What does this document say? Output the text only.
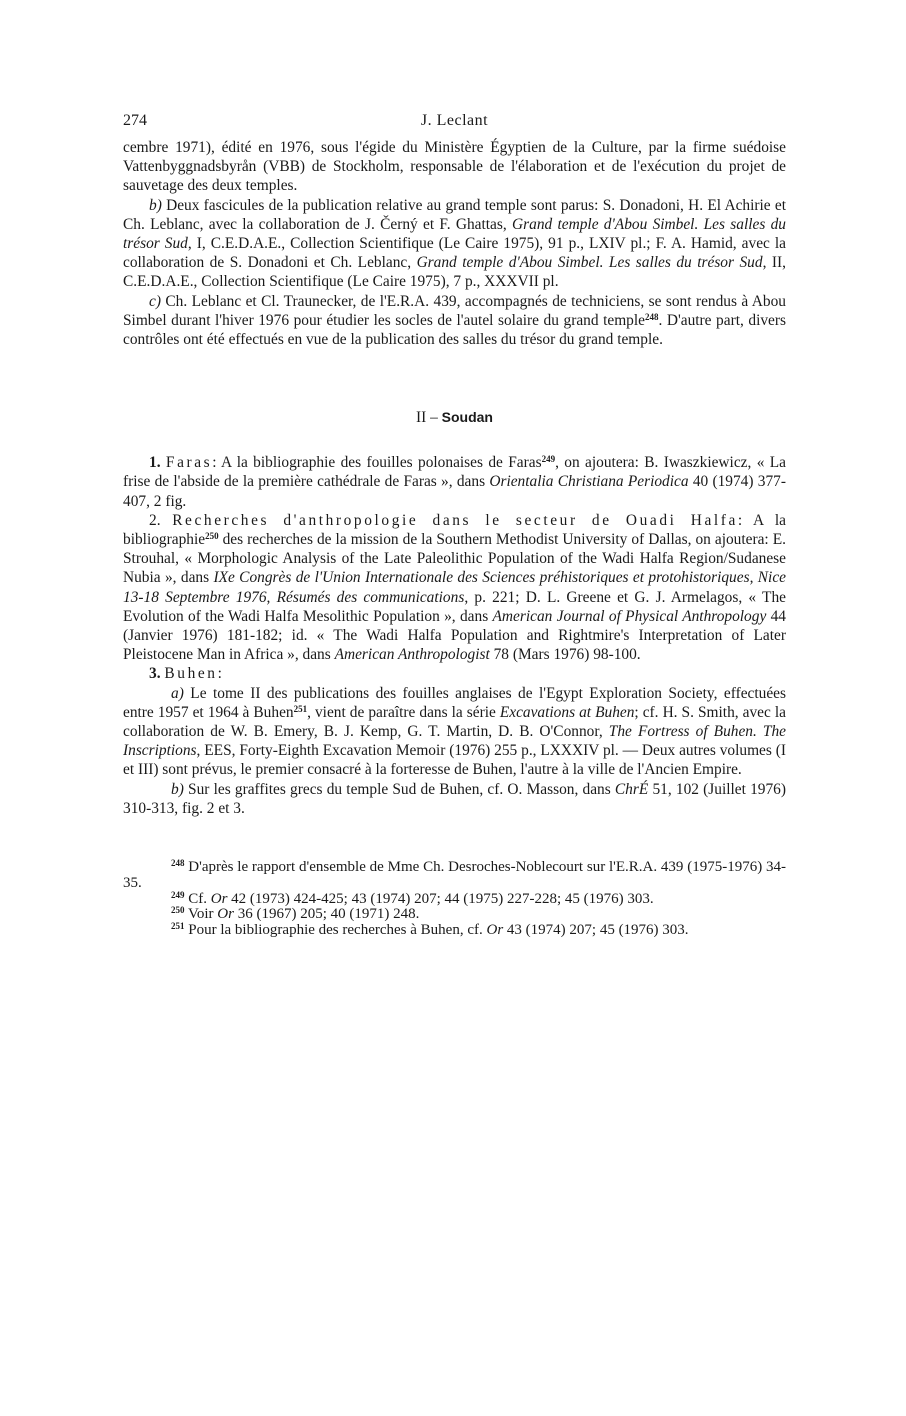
274	J. Leclant

cembre 1971), édité en 1976, sous l'égide du Ministère Égyptien de la Culture, par la firme suédoise Vattenbyggnadsbyrån (VBB) de Stockholm, responsable de l'élaboration et de l'exécution du projet de sauvetage des deux temples.

b) Deux fascicules de la publication relative au grand temple sont parus: S. Donadoni, H. El Achirie et Ch. Leblanc, avec la collaboration de J. Černý et F. Ghattas, Grand temple d'Abou Simbel. Les salles du trésor Sud, I, C.E.D.A.E., Collection Scientifique (Le Caire 1975), 91 p., LXIV pl.; F. A. Hamid, avec la collaboration de S. Donadoni et Ch. Leblanc, Grand temple d'Abou Simbel. Les salles du trésor Sud, II, C.E.D.A.E., Collection Scientifique (Le Caire 1975), 7 p., XXXVII pl.

c) Ch. Leblanc et Cl. Traunecker, de l'E.R.A. 439, accompagnés de techniciens, se sont rendus à Abou Simbel durant l'hiver 1976 pour étudier les socles de l'autel solaire du grand temple$^{248}$. D'autre part, divers contrôles ont été effectués en vue de la publication des salles du trésor du grand temple.

II – Soudan

1. Faras: A la bibliographie des fouilles polonaises de Faras$^{249}$, on ajoutera: B. Iwaszkiewicz, « La frise de l'abside de la première cathédrale de Faras », dans Orientalia Christiana Periodica 40 (1974) 377-407, 2 fig.

2. Recherches d'anthropologie dans le secteur de Ouadi Halfa: A la bibliographie$^{250}$ des recherches de la mission de la Southern Methodist University of Dallas, on ajoutera: E. Strouhal, « Morphologic Analysis of the Late Paleolithic Population of the Wadi Halfa Region/Sudanese Nubia », dans IXe Congrès de l'Union Internationale des Sciences préhistoriques et protohistoriques, Nice 13-18 Septembre 1976, Résumés des communications, p. 221; D. L. Greene et G. J. Armelagos, « The Evolution of the Wadi Halfa Mesolithic Population », dans American Journal of Physical Anthropology 44 (Janvier 1976) 181-182; id. « The Wadi Halfa Population and Rightmire's Interpretation of Later Pleistocene Man in Africa », dans American Anthropologist 78 (Mars 1976) 98-100.

3. Buhen:

a) Le tome II des publications des fouilles anglaises de l'Egypt Exploration Society, effectuées entre 1957 et 1964 à Buhen$^{251}$, vient de paraître dans la série Excavations at Buhen; cf. H. S. Smith, avec la collaboration de W. B. Emery, B. J. Kemp, G. T. Martin, D. B. O'Connor, The Fortress of Buhen. The Inscriptions, EES, Forty-Eighth Excavation Memoir (1976) 255 p., LXXXIV pl. — Deux autres volumes (I et III) sont prévus, le premier consacré à la forteresse de Buhen, l'autre à la ville de l'Ancien Empire.

b) Sur les graffites grecs du temple Sud de Buhen, cf. O. Masson, dans ChrÉ 51, 102 (Juillet 1976) 310-313, fig. 2 et 3.

$^{248}$ D'après le rapport d'ensemble de Mme Ch. Desroches-Noblecourt sur l'E.R.A. 439 (1975-1976) 34-35.

$^{249}$ Cf. Or 42 (1973) 424-425; 43 (1974) 207; 44 (1975) 227-228; 45 (1976) 303.

$^{250}$ Voir Or 36 (1967) 205; 40 (1971) 248.

$^{251}$ Pour la bibliographie des recherches à Buhen, cf. Or 43 (1974) 207; 45 (1976) 303.
